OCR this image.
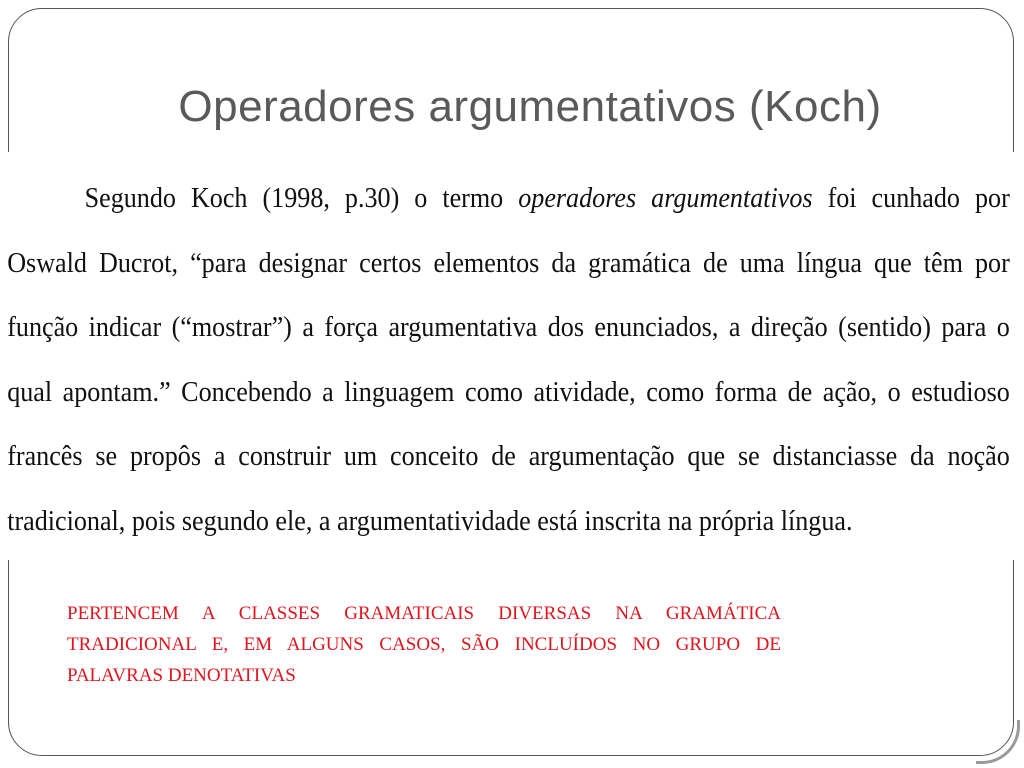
Operadores argumentativos (Koch)

Segundo Koch (1998, p.30) o termo operadores argumentativos foi cunhado por Oswald Ducrot, “para designar certos elementos da gramática de uma língua que têm por função indicar (“mostrar”) a força argumentativa dos enunciados, a direção (sentido) para o qual apontam.” Concebendo a linguagem como atividade, como forma de ação, o estudioso francês se propôs a construir um conceito de argumentação que se distanciasse da noção tradicional, pois segundo ele, a argumentatividade está inscrita na própria língua.

PERTENCEM A CLASSES GRAMATICAIS DIVERSAS NA GRAMÁTICA TRADICIONAL E, EM ALGUNS CASOS, SÃO INCLUÍDOS NO GRUPO DE PALAVRAS DENOTATIVAS
